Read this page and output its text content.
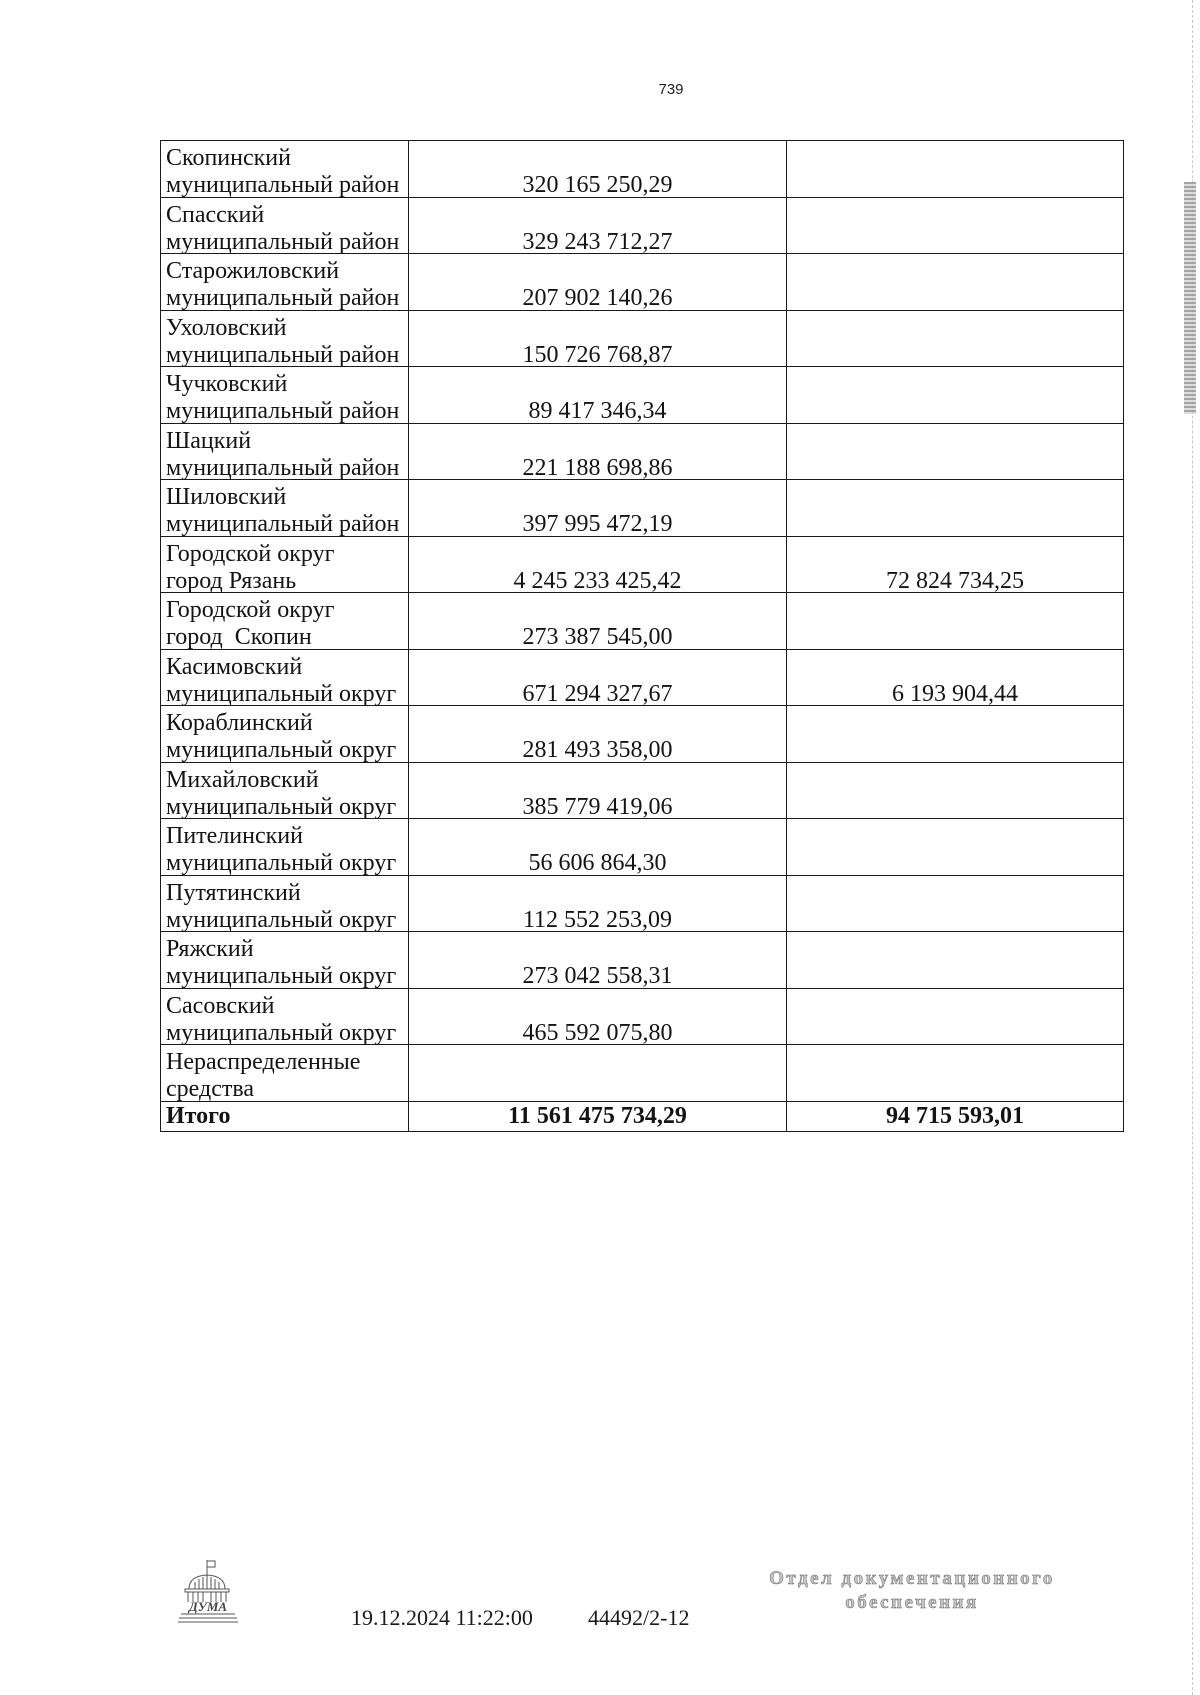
739
Скопинский
муниципальный район	320 165 250,29	

Спасский
муниципальный район	329 243 712,27	

Старожиловский
муниципальный район	207 902 140,26	

Ухоловский
муниципальный район	150 726 768,87	

Чучковский
муниципальный район	89 417 346,34	

Шацкий
муниципальный район	221 188 698,86	

Шиловский
муниципальный район	397 995 472,19	

Городской округ
город Рязань	4 245 233 425,42	72 824 734,25

Городской округ
город  Скопин	273 387 545,00	

Касимовский
муниципальный округ	671 294 327,67	6 193 904,44

Кораблинский
муниципальный округ	281 493 358,00	

Михайловский
муниципальный округ	385 779 419,06	

Пителинский
муниципальный округ	56 606 864,30	

Путятинский
муниципальный округ	112 552 253,09	

Ряжский
муниципальный округ	273 042 558,31	

Сасовский
муниципальный округ	465 592 075,80	

Нераспределенные
средства		

Итого	11 561 475 734,29	94 715 593,01
ДУМА	19.12.2024 11:22:00	44492/2-12
Отдел документационного
обеспечения
